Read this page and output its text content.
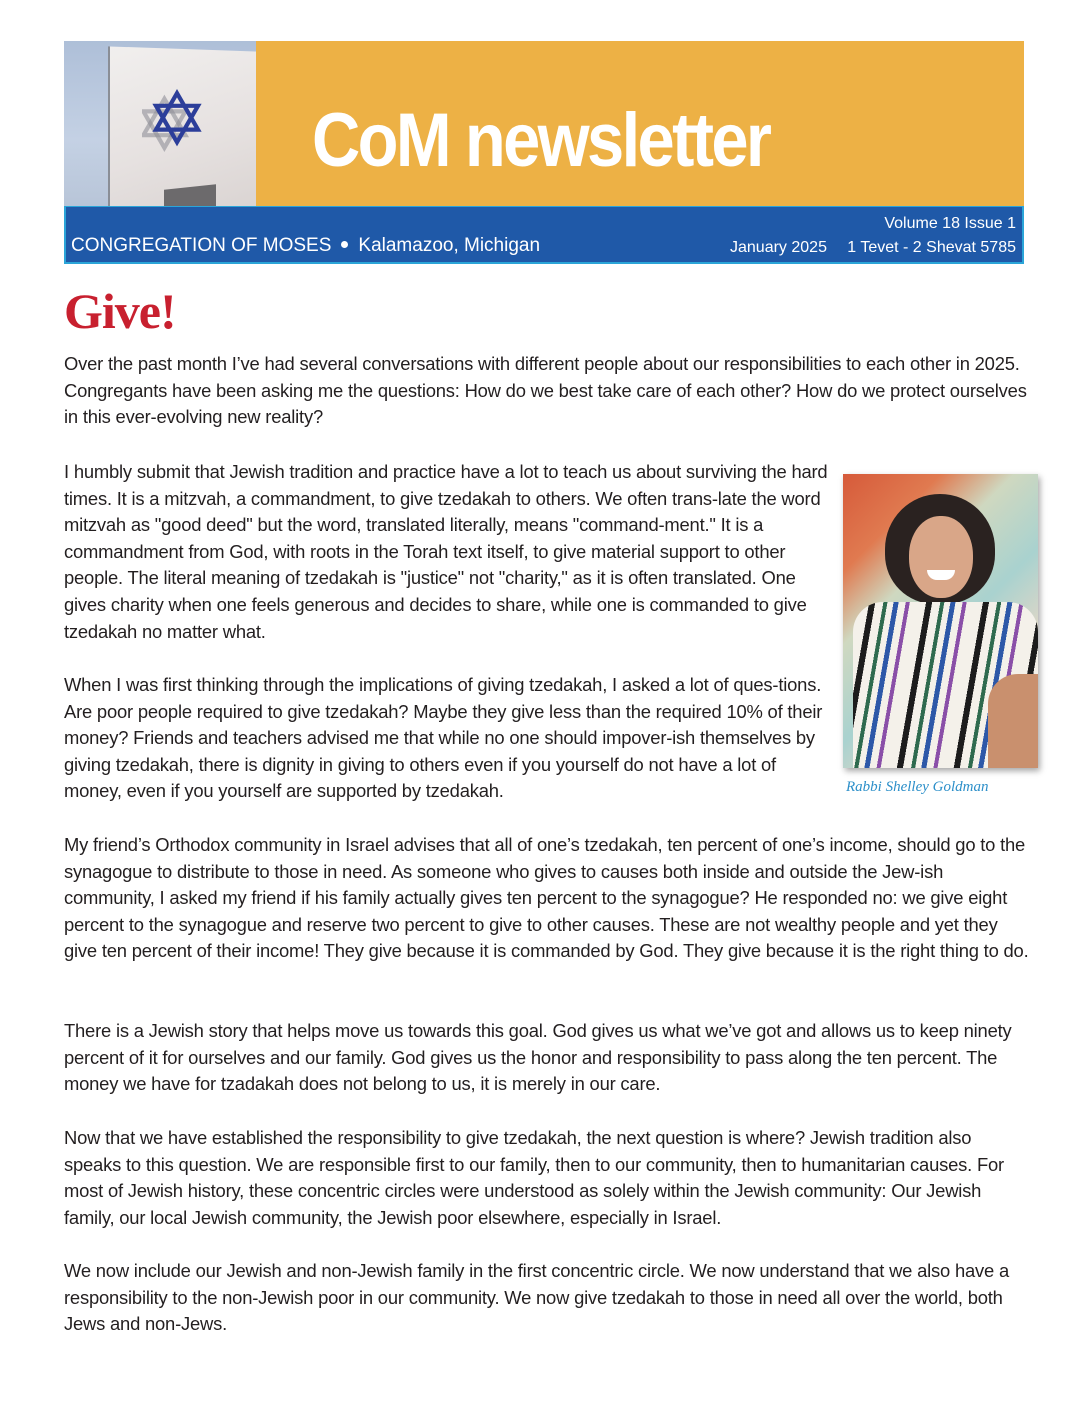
CoM newsletter
CONGREGATION OF MOSES Kalamazoo, Michigan
Volume 18 Issue 1
January 2025 1 Tevet - 2 Shevat 5785
Give!

Over the past month I’ve had several conversations with different people about our responsibilities to each other in 2025. Congregants have been asking me the questions: How do we best take care of each other? How do we protect ourselves in this ever-evolving new reality?

I humbly submit that Jewish tradition and practice have a lot to teach us about surviving the hard times. It is a mitzvah, a commandment, to give tzedakah to others. We often trans-late the word mitzvah as "good deed" but the word, translated literally, means "command-ment." It is a commandment from God, with roots in the Torah text itself, to give material support to other people. The literal meaning of tzedakah is "justice" not "charity," as it is often translated. One gives charity when one feels generous and decides to share, while one is commanded to give tzedakah no matter what.

When I was first thinking through the implications of giving tzedakah, I asked a lot of ques-tions. Are poor people required to give tzedakah? Maybe they give less than the required 10% of their money? Friends and teachers advised me that while no one should impover-ish themselves by giving tzedakah, there is dignity in giving to others even if you yourself do not have a lot of money, even if you yourself are supported by tzedakah.

My friend’s Orthodox community in Israel advises that all of one’s tzedakah, ten percent of one’s income, should go to the synagogue to distribute to those in need. As someone who gives to causes both inside and outside the Jew-ish community, I asked my friend if his family actually gives ten percent to the synagogue? He responded no: we give eight percent to the synagogue and reserve two percent to give to other causes. These are not wealthy people and yet they give ten percent of their income! They give because it is commanded by God. They give because it is the right thing to do.

There is a Jewish story that helps move us towards this goal. God gives us what we’ve got and allows us to keep ninety percent of it for ourselves and our family. God gives us the honor and responsibility to pass along the ten percent. The money we have for tzadakah does not belong to us, it is merely in our care.

Now that we have established the responsibility to give tzedakah, the next question is where? Jewish tradition also speaks to this question. We are responsible first to our family, then to our community, then to humanitarian causes. For most of Jewish history, these concentric circles were understood as solely within the Jewish community: Our Jewish family, our local Jewish community, the Jewish poor elsewhere, especially in Israel.

We now include our Jewish and non-Jewish family in the first concentric circle. We now understand that we also have a responsibility to the non-Jewish poor in our community. We now give tzedakah to those in need all over the world, both Jews and non-Jews.

Rabbi Shelley Goldman
